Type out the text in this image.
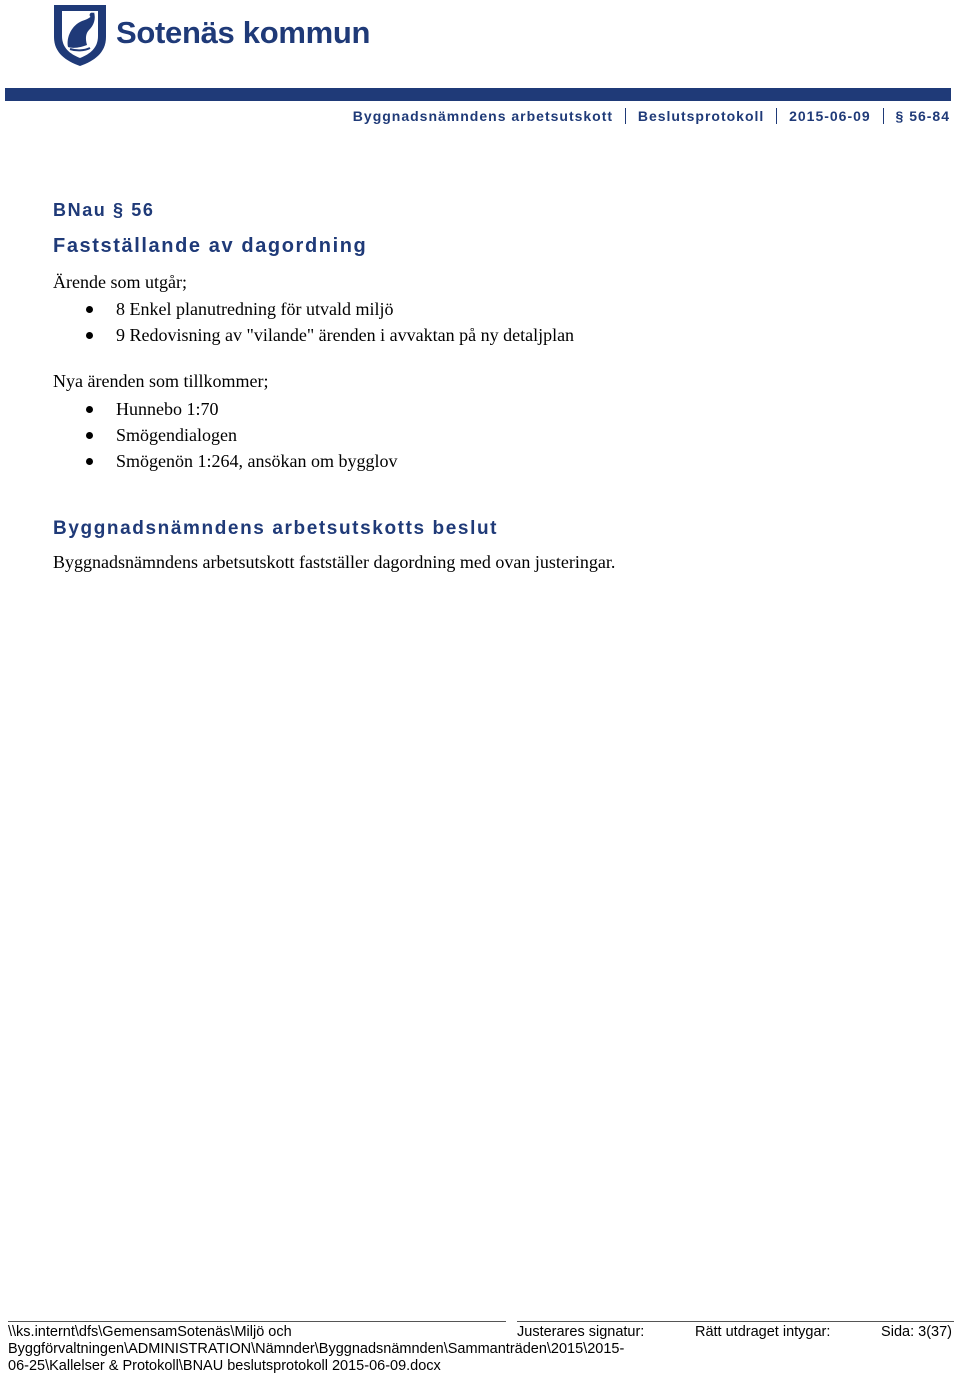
Sotenäs kommun
Byggnadsnämndens arbetsutskott Beslutsprotokoll 2015-06-09 § 56-84
BNau § 56
Fastställande av dagordning
Ärende som utgår;
8 Enkel planutredning för utvald miljö
9 Redovisning av "vilande" ärenden i avvaktan på ny detaljplan
Nya ärenden som tillkommer;
Hunnebo 1:70
Smögendialogen
Smögenön 1:264, ansökan om bygglov
Byggnadsnämndens arbetsutskotts beslut
Byggnadsnämndens arbetsutskott fastställer dagordning med ovan justeringar.
\\ks.internt\dfs\GemensamSotenäs\Miljö och Byggförvaltningen\ADMINISTRATION\Nämnder\Byggnadsnämnden\Sammanträden\2015\2015-06-25\Kallelser & Protokoll\BNAU beslutsprotokoll 2015-06-09.docx
Justerares signatur:	Rätt utdraget intygar:	Sida: 3(37)
